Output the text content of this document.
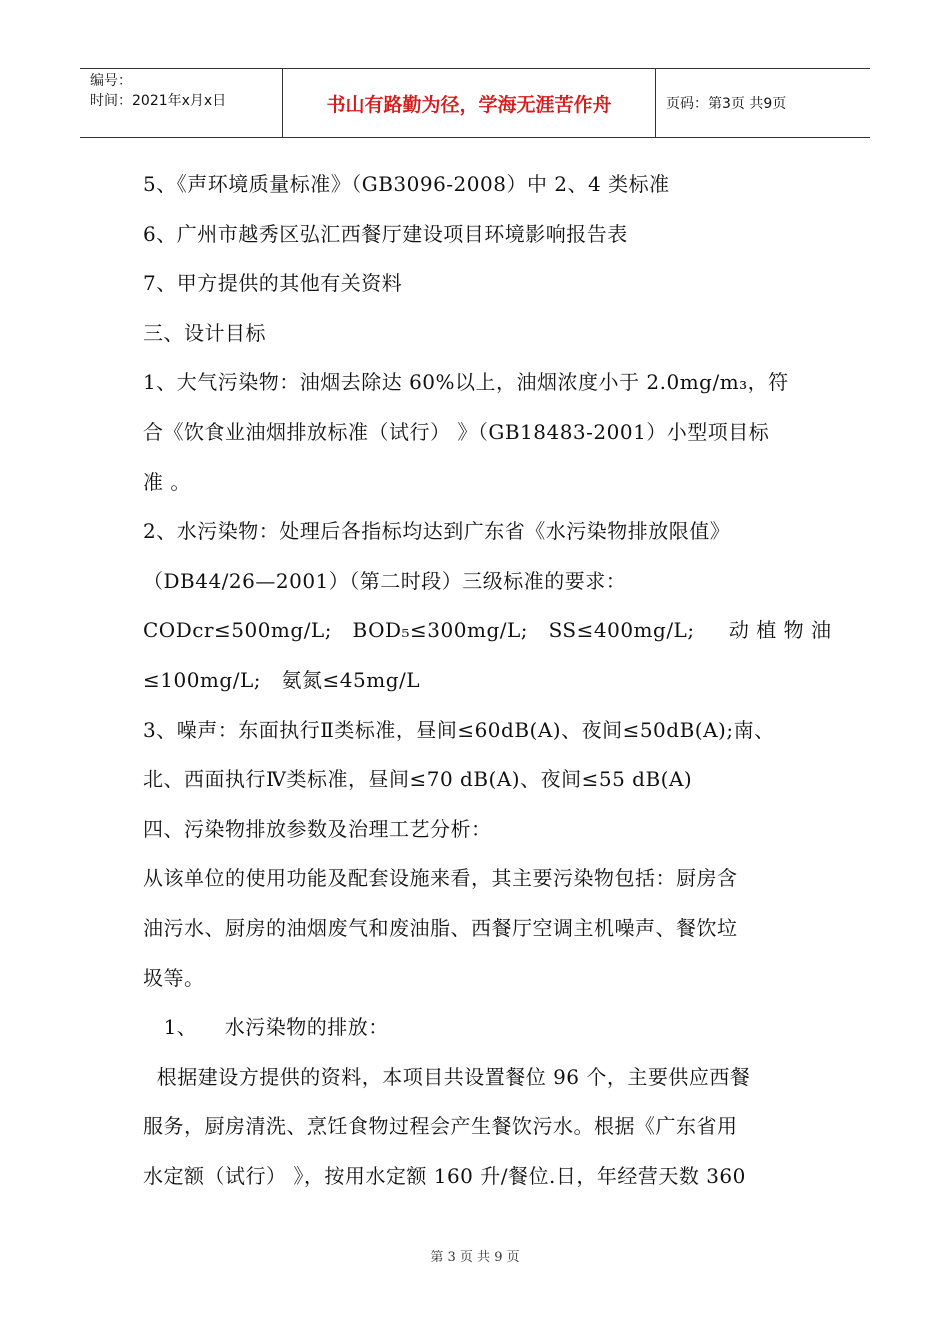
编号：
时间：2021年x月x日	书山有路勤为径，学海无涯苦作舟	页码：第3页 共9页
5、《声环境质量标准》（GB3096-2008）中 2、4 类标准
6、广州市越秀区弘汇西餐厅建设项目环境影响报告表
7、甲方提供的其他有关资料
三、设计目标
1、大气污染物：油烟去除达 60%以上，油烟浓度小于 2.0mg/m₃，符
合《饮食业油烟排放标准（试行） 》（GB18483-2001）小型项目标
准 。
2、水污染物：处理后各指标均达到广东省《水污染物排放限值》
（DB44/26—2001）（第二时段）三级标准的要求：
CODcr≤500mg/L;   BOD₅≤300mg/L;   SS≤400mg/L;     动 植 物 油
≤100mg/L;   氨氮≤45mg/L
3、噪声：东面执行Ⅱ类标准，昼间≤60dB(A)、夜间≤50dB(A);南、
北、西面执行Ⅳ类标准，昼间≤70 dB(A)、夜间≤55 dB(A)
四、污染物排放参数及治理工艺分析：
从该单位的使用功能及配套设施来看，其主要污染物包括：厨房含
油污水、厨房的油烟废气和废油脂、西餐厅空调主机噪声、餐饮垃
圾等。
1、    水污染物的排放：
根据建设方提供的资料，本项目共设置餐位 96 个，主要供应西餐
服务，厨房清洗、烹饪食物过程会产生餐饮污水。根据《广东省用
水定额（试行） 》，按用水定额 160 升/餐位.日，年经营天数 360
第 3 页 共 9 页
